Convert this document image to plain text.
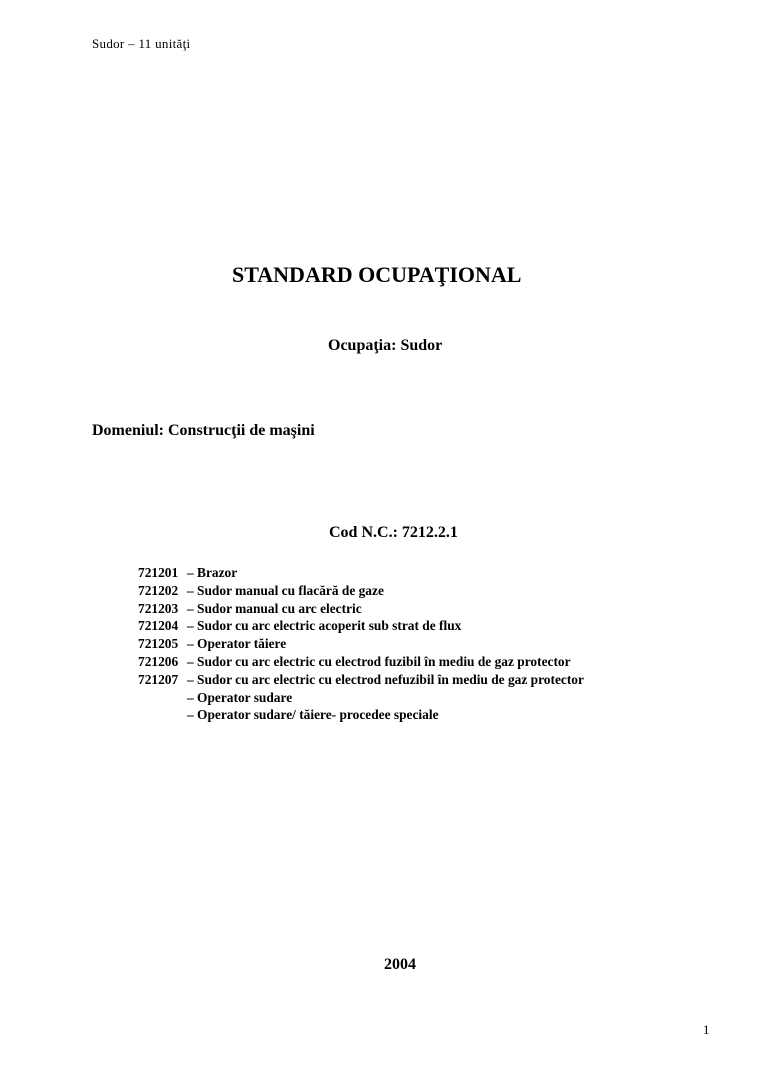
Sudor – 11 unităţi
STANDARD OCUPAŢIONAL
Ocupaţia: Sudor
Domeniul: Construcţii de maşini
Cod N.C.: 7212.2.1
721201 – Brazor
721202 – Sudor manual cu flacără de gaze
721203 – Sudor manual cu arc electric
721204 – Sudor cu arc electric acoperit sub strat de flux
721205 – Operator tăiere
721206 – Sudor cu arc electric cu electrod fuzibil în mediu de gaz protector
721207 – Sudor cu arc electric cu electrod nefuzibil în mediu de gaz protector
– Operator sudare
– Operator sudare/ tăiere- procedee speciale
2004
1
